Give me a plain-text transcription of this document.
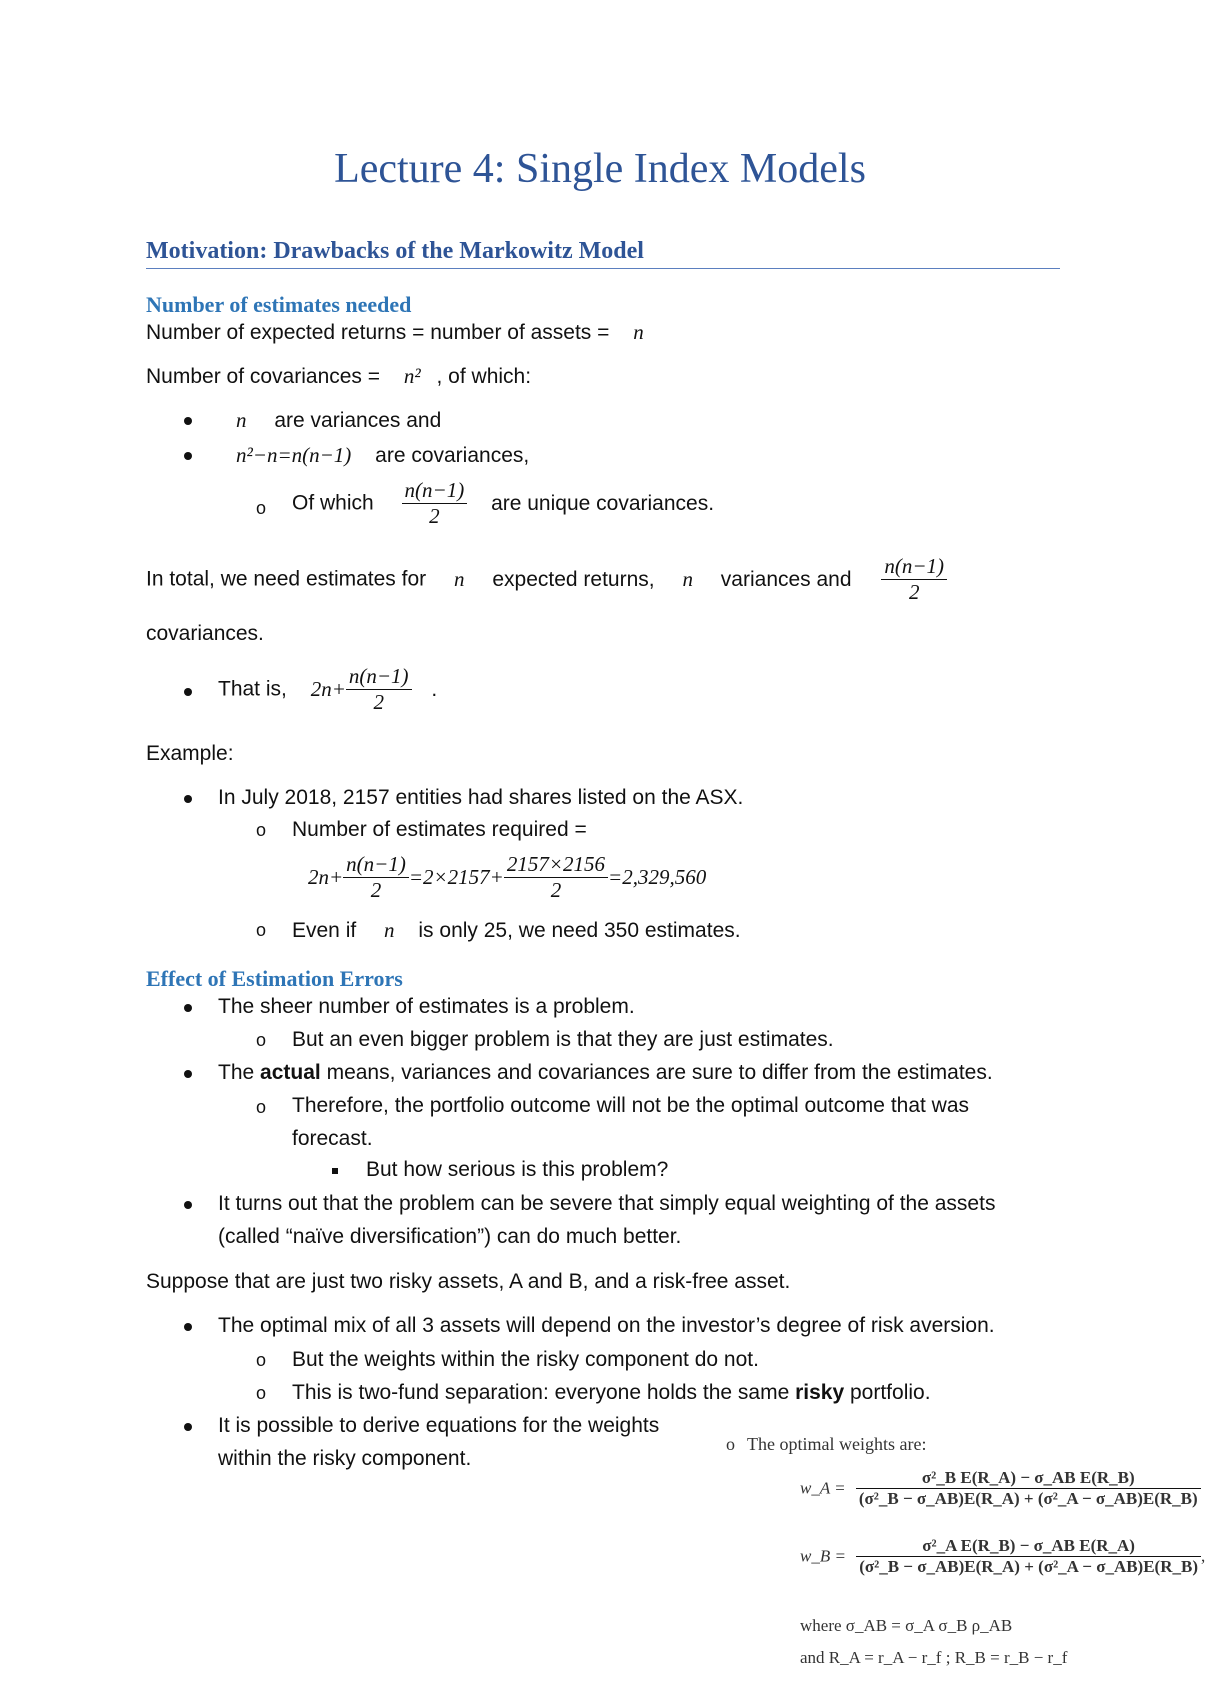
Lecture 4: Single Index Models
Motivation: Drawbacks of the Markowitz Model
Number of estimates needed
Number of expected returns = number of assets = n
Number of covariances = n² , of which:
n are variances and
n²−n=n(n−1) are covariances,
o Of which $\frac{n(n-1)}{2}$ are unique covariances.
In total, we need estimates for n expected returns, n variances and $\frac{n(n-1)}{2}$
covariances.
That is, $2n+ \frac{n(n-1)}{2}$ .
Example:
In July 2018, 2157 entities had shares listed on the ASX.
o Number of estimates required =
$2n+ \frac{n(n-1)}{2} =2\times 2157+ \frac{2157\times 2156}{2} =2,329,560$
o Even if n is only 25, we need 350 estimates.
Effect of Estimation Errors
The sheer number of estimates is a problem.
o But an even bigger problem is that they are just estimates.
The actual means, variances and covariances are sure to differ from the estimates.
o Therefore, the portfolio outcome will not be the optimal outcome that was
forecast.
But how serious is this problem?
It turns out that the problem can be severe that simply equal weighting of the assets
(called “naïve diversification”) can do much better.
Suppose that are just two risky assets, A and B, and a risk-free asset.
The optimal mix of all 3 assets will depend on the investor’s degree of risk aversion.
o But the weights within the risky component do not.
o This is two-fund separation: everyone holds the same risky portfolio.
It is possible to derive equations for the weights
within the risky component.
o The optimal weights are:
w_A = $\frac{\text{σ²\_B E(R\_A) − σ\_AB E(R\_B)}}{\text{(σ²\_B − σ\_AB)E(R\_A) + (σ²\_A − σ\_AB)E(R\_B)}}$
w_B = $\frac{\text{σ²\_A E(R\_B) − σ\_AB E(R\_A)}}{\text{(σ²\_B − σ\_AB)E(R\_A) + (σ²\_A − σ\_AB)E(R\_B)}}$ ,
where σ_AB = σ_A σ_B ρ_AB
and R_A = r_A − r_f ; R_B = r_B − r_f
